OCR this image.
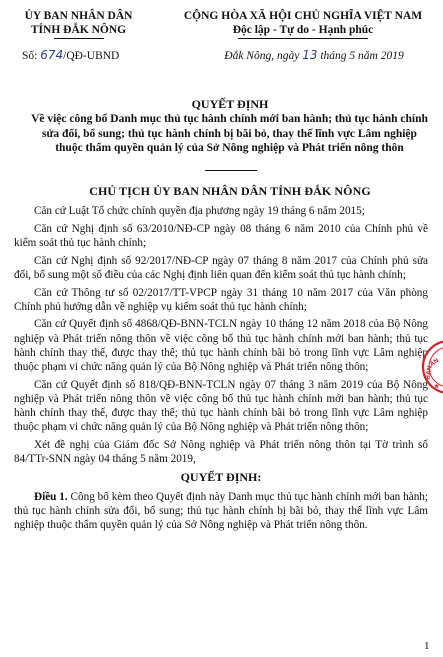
ỦY BAN NHÂN DÂN
TỈNH ĐẮK NÔNG
CỘNG HÒA XÃ HỘI CHỦ NGHĨA VIỆT NAM
Độc lập - Tự do - Hạnh phúc
Số: 674/QĐ-UBND	Đắk Nông, ngày 13 tháng 5 năm 2019
QUYẾT ĐỊNH
Về việc công bố Danh mục thủ tục hành chính mới ban hành; thủ tục hành chính sửa đổi, bổ sung; thủ tục hành chính bị bãi bỏ, thay thế lĩnh vực Lâm nghiệp thuộc thẩm quyền quản lý của Sở Nông nghiệp và Phát triển nông thôn
CHỦ TỊCH ỦY BAN NHÂN DÂN TỈNH ĐẮK NÔNG

Căn cứ Luật Tổ chức chính quyền địa phương ngày 19 tháng 6 năm 2015;

Căn cứ Nghị định số 63/2010/NĐ-CP ngày 08 tháng 6 năm 2010 của Chính phủ về kiểm soát thủ tục hành chính;

Căn cứ Nghị định số 92/2017/NĐ-CP ngày 07 tháng 8 năm 2017 của Chính phủ sửa đổi, bổ sung một số điều của các Nghị định liên quan đến kiểm soát thủ tục hành chính;

Căn cứ Thông tư số 02/2017/TT-VPCP ngày 31 tháng 10 năm 2017 của Văn phòng Chính phủ hướng dẫn về nghiệp vụ kiểm soát thủ tục hành chính;

Căn cứ Quyết định số 4868/QĐ-BNN-TCLN ngày 10 tháng 12 năm 2018 của Bộ Nông nghiệp và Phát triển nông thôn về việc công bố thủ tục hành chính mới ban hành; thủ tục hành chính thay thế, được thay thế; thủ tục hành chính bãi bỏ trong lĩnh vực Lâm nghiệp thuộc phạm vi chức năng quản lý của Bộ Nông nghiệp và Phát triển nông thôn;

Căn cứ Quyết định số 818/QĐ-BNN-TCLN ngày 07 tháng 3 năm 2019 của Bộ Nông nghiệp và Phát triển nông thôn về việc công bố thủ tục hành chính mới ban hành; thủ tục hành chính thay thế, được thay thế; thủ tục hành chính bãi bỏ trong lĩnh vực Lâm nghiệp thuộc phạm vi chức năng quản lý của Bộ Nông nghiệp và Phát triển nông thôn;

Xét đề nghị của Giám đốc Sở Nông nghiệp và Phát triển nông thôn tại Tờ trình số 84/TTr-SNN ngày 04 tháng 5 năm 2019,

QUYẾT ĐỊNH:

Điều 1. Công bố kèm theo Quyết định này Danh mục thủ tục hành chính mới ban hành; thủ tục hành chính sửa đổi, bổ sung; thủ tục hành chính bị bãi bỏ, thay thế lĩnh vực Lâm nghiệp thuộc thẩm quyền quản lý của Sở Nông nghiệp và Phát triển nông thôn.

ÂN
BAN
★
1
